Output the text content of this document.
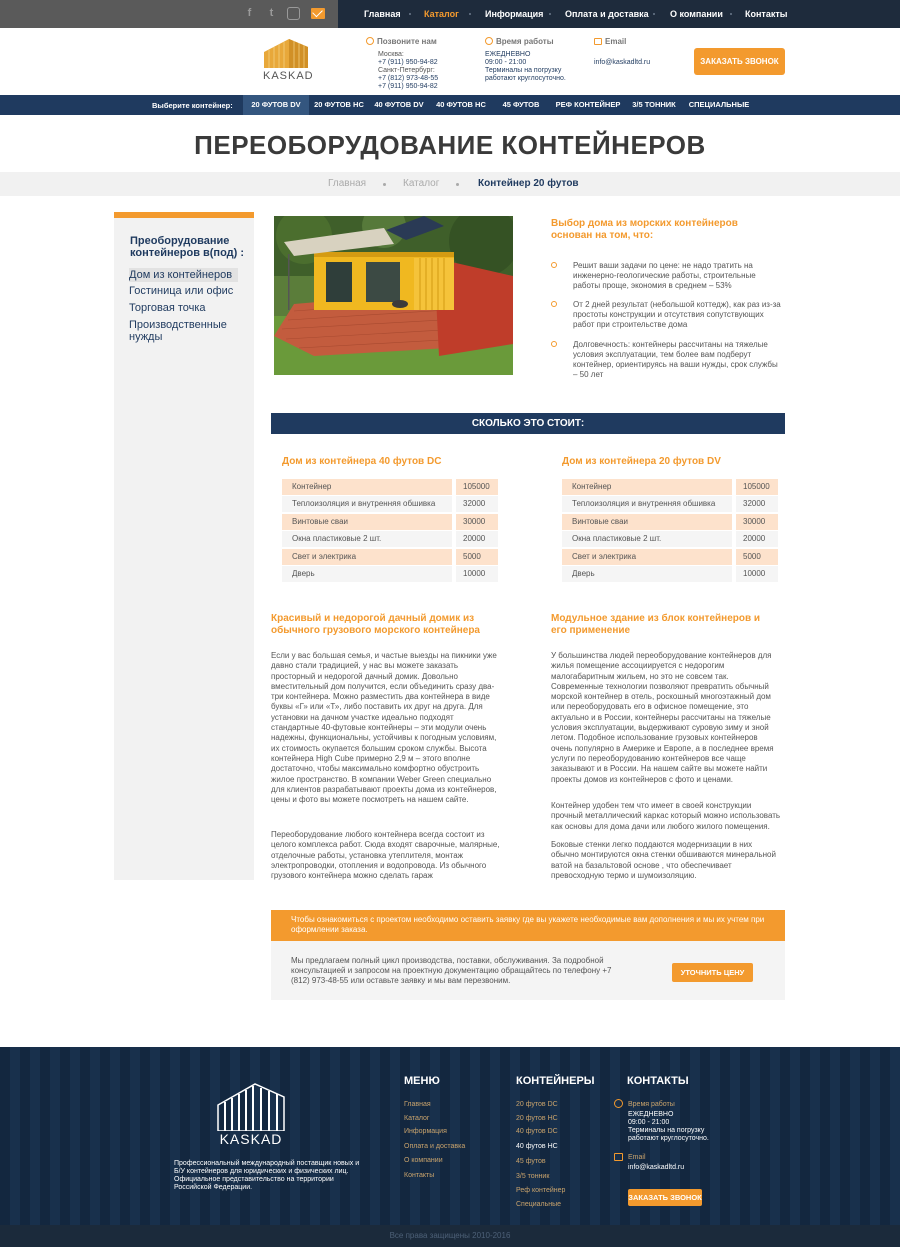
f	t	Главная	Каталог	Информация Оплата и доставка О компании Контакты
KASKAD
Позвоните нам
Москва:
+7 (911) 950-94-82
Санкт-Петербург:
+7 (812) 973-48-55
+7 (911) 950-94-82
Время работы
ЕЖЕДНЕВНО
09:00 - 21:00
Терминалы на погрузку
работают круглосуточно.
Email
info@kaskadltd.ru	ЗАКАЗАТЬ ЗВОНОК
Выберите контейнер:	20 ФУТОВ DV	20 ФУТОВ HC	40 ФУТОВ DV	40 ФУТОВ HC	45 ФУТОВ	РЕФ КОНТЕЙНЕР	3/5 ТОННИК	СПЕЦИАЛЬНЫЕ
ПЕРЕОБОРУДОВАНИЕ КОНТЕЙНЕРОВ
Главная	Каталог	Контейнер 20 футов
Преоборудование контейнеров в(под) :
Дом из контейнеров
Гостиница или офис
Торговая точка
Производственные нужды
Выбор дома из морских контейнеров основан на том, что:
Решит ваши задачи по цене: не надо тратить на инженерно-геологические работы, строительные работы проще, экономия в среднем – 53%
От 2 дней результат (небольшой коттедж), как раз из-за простоты конструкции и отсутствия сопутствующих работ при строительстве дома
Долговечность: контейнеры рассчитаны на тяжелые условия эксплуатации, тем более вам подберут контейнер, ориентируясь на ваши нужды, срок службы – 50 лет
СКОЛЬКО ЭТО СТОИТ:
Дом из контейнера 40 футов DC
Контейнер	105000
Теплоизоляция и внутренняя обшивка	32000
Винтовые сваи	30000
Окна пластиковые 2 шт.	20000
Свет и электрика	5000
Дверь	10000
Дом из контейнера 20 футов DV
Контейнер	105000
Теплоизоляция и внутренняя обшивка	32000
Винтовые сваи	30000
Окна пластиковые 2 шт.	20000
Свет и электрика	5000
Дверь	10000
Красивый и недорогой дачный домик из обычного грузового морского контейнера
Если у вас большая семья, и частые выезды на пикники уже давно стали традицией, у нас вы можете заказать просторный и недорогой дачный домик. Довольно вместительный дом получится, если объединить сразу два-три контейнера. Можно разместить два контейнера в виде буквы «Г» или «Т», либо поставить их друг на друга. Для установки на дачном участке идеально подходят стандартные 40-футовые контейнеры – эти модули очень надежны, функциональны, устойчивы к погодным условиям, их стоимость окупается большим сроком службы. Высота контейнера High Cube примерно 2,9 м – этого вполне достаточно, чтобы максимально комфортно обустроить жилое пространство. В компании Weber Green специально для клиентов разрабатывают проекты дома из контейнеров, цены и фото вы можете посмотреть на нашем сайте.
Переоборудование любого контейнера всегда состоит из целого комплекса работ. Сюда входят сварочные, малярные, отделочные работы, установка утеплителя, монтаж электропроводки, отопления и водопровода. Из обычного грузового контейнера можно сделать гараж
Модульное здание из блок контейнеров и его применение
У большинства людей переоборудование контейнеров для жилья помещение ассоциируется с недорогим малогабаритным жильем, но это не совсем так. Современные технологии позволяют превратить обычный морской контейнер в отель, роскошный многоэтажный дом или переоборудовать его в офисное помещение, это актуально и в России, контейнеры рассчитаны на тяжелые условия эксплуатации, выдерживают суровую зиму и зной летом. Подобное использование грузовых контейнеров очень популярно в Америке и Европе, а в последнее время услуги по переоборудованию контейнеров все чаще заказывают и в России. На нашем сайте вы можете найти проекты домов из контейнеров с фото и ценами.
Контейнер удобен тем что имеет в своей конструкции прочный металлический каркас который можно использовать как основы для дома дачи или любого жилого помещения.
Боковые стенки легко поддаются модернизации в них обычно монтируются окна стенки обшиваются минеральной ватой на базальтовой основе , что обеспечивает превосходную термо и шумоизоляцию.
Чтобы ознакомиться с проектом необходимо оставить заявку где вы укажете необходимые вам дополнения и мы их учтем при оформлении заказа.
Мы предлагаем полный цикл производства, поставки, обслуживания. За подробной консультацией и запросом на проектную документацию обращайтесь по телефону +7 (812) 973-48-55 или оставьте заявку и мы вам перезвоним.
УТОЧНИТЬ ЦЕНУ
KASKAD
Профессиональный международный поставщик новых и Б/У контейнеров для юридических и физических лиц. Официальное представительство на территории Российской Федерации.
МЕНЮ
Главная
Каталог
Информация
Оплата и доставка
О компании
Контакты
КОНТЕЙНЕРЫ
20 футов DC
20 футов HC
40 футов DC
40 футов HC
45 футов
3/5 тонник
Реф контейнер
Специальные
КОНТАКТЫ
Время работы
ЕЖЕДНЕВНО
09:00 - 21:00
Терминалы на погрузку
работают круглосуточно.
Email
info@kaskadltd.ru
ЗАКАЗАТЬ ЗВОНОК
Все права защищены 2010-2016
